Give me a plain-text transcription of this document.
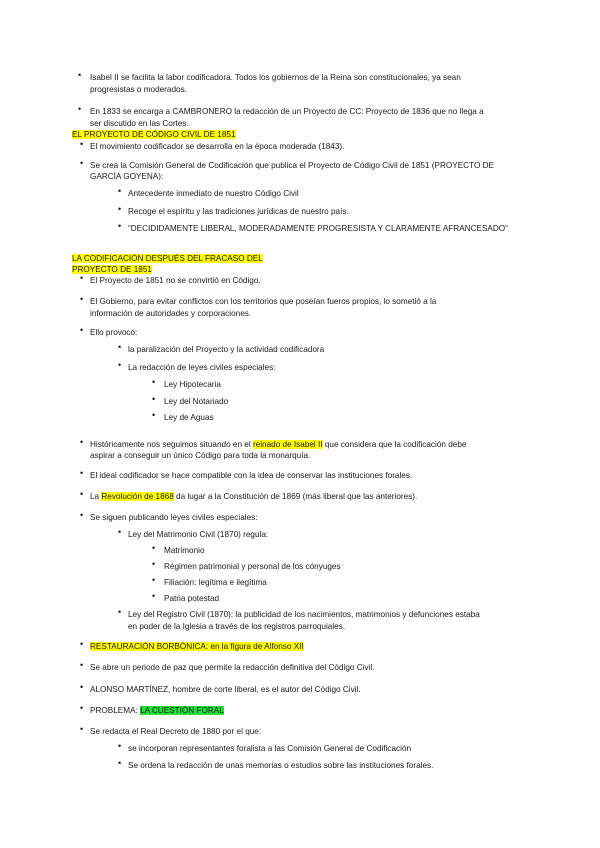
• Isabel II se facilita la labor codificadora. Todos los gobiernos de la Reina son constitucionales, ya sean
progresistas o moderados.
• En 1833 se encarga a CAMBRONERO la redacción de un Proyecto de CC: Proyecto de 1836 que no llega a
ser discutido en las Cortes.
EL PROYECTO DE CÓDIGO CIVIL DE 1851
• El movimiento codificador se desarrolla en la época moderada (1843).
• Se crea la Comisión General de Codificación que publica el Proyecto de Código Civil de 1851 (PROYECTO DE
GARCÍA GOYENA):
• Antecedente inmediato de nuestro Código Civil
• Recoge el espíritu y las tradiciones jurídicas de nuestro país.
• “DECIDIDAMENTE LIBERAL, MODERADAMENTE PROGRESISTA Y CLARAMENTE AFRANCESADO”
LA CODIFICACIÓN DESPUÉS DEL FRACASO DEL
PROYECTO DE 1851
• El Proyecto de 1851 no se convirtió en Código.
• El Gobierno, para evitar conflictos con los territorios que poseían fueros propios, lo sometió a la
información de autoridades y corporaciones.
• Ello provocó:
• la paralización del Proyecto y la actividad codificadora
• La redacción de leyes civiles especiales:
• Ley Hipotecaria
• Ley del Notariado
• Ley de Aguas
• Históricamente nos seguimos situando en el reinado de Isabel II que considera que la codificación debe
aspirar a conseguir un único Código para toda la monarquía.
• El ideal codificador se hace compatible con la idea de conservar las instituciones forales.
• La Revolución de 1868 da lugar a la Constitución de 1869 (más liberal que las anteriores).
• Se siguen publicando leyes civiles especiales:
• Ley del Matrimonio Civil (1870) regula:
• Matrimonio
• Régimen patrimonial y personal de los cónyuges
• Filiación: legítima e ilegítima
• Patria potestad
• Ley del Registro Civil (1870): la publicidad de los nacimientos, matrimonios y defunciones estaba
en poder de la Iglesia a través de los registros parroquiales.
• RESTAURACIÓN BORBÓNICA: en la figura de Alfonso XII
• Se abre un periodo de paz que permite la redacción definitiva del Código Civil.
• ALONSO MARTÍNEZ, hombre de corte liberal, es el autor del Código Civil.
• PROBLEMA: LA CUESTIÓN FORAL
• Se redacta el Real Decreto de 1880 por el que:
• se incorporan representantes foralista a las Comisión General de Codificación
• Se ordena la redacción de unas memorias o estudios sobre las instituciones forales.
